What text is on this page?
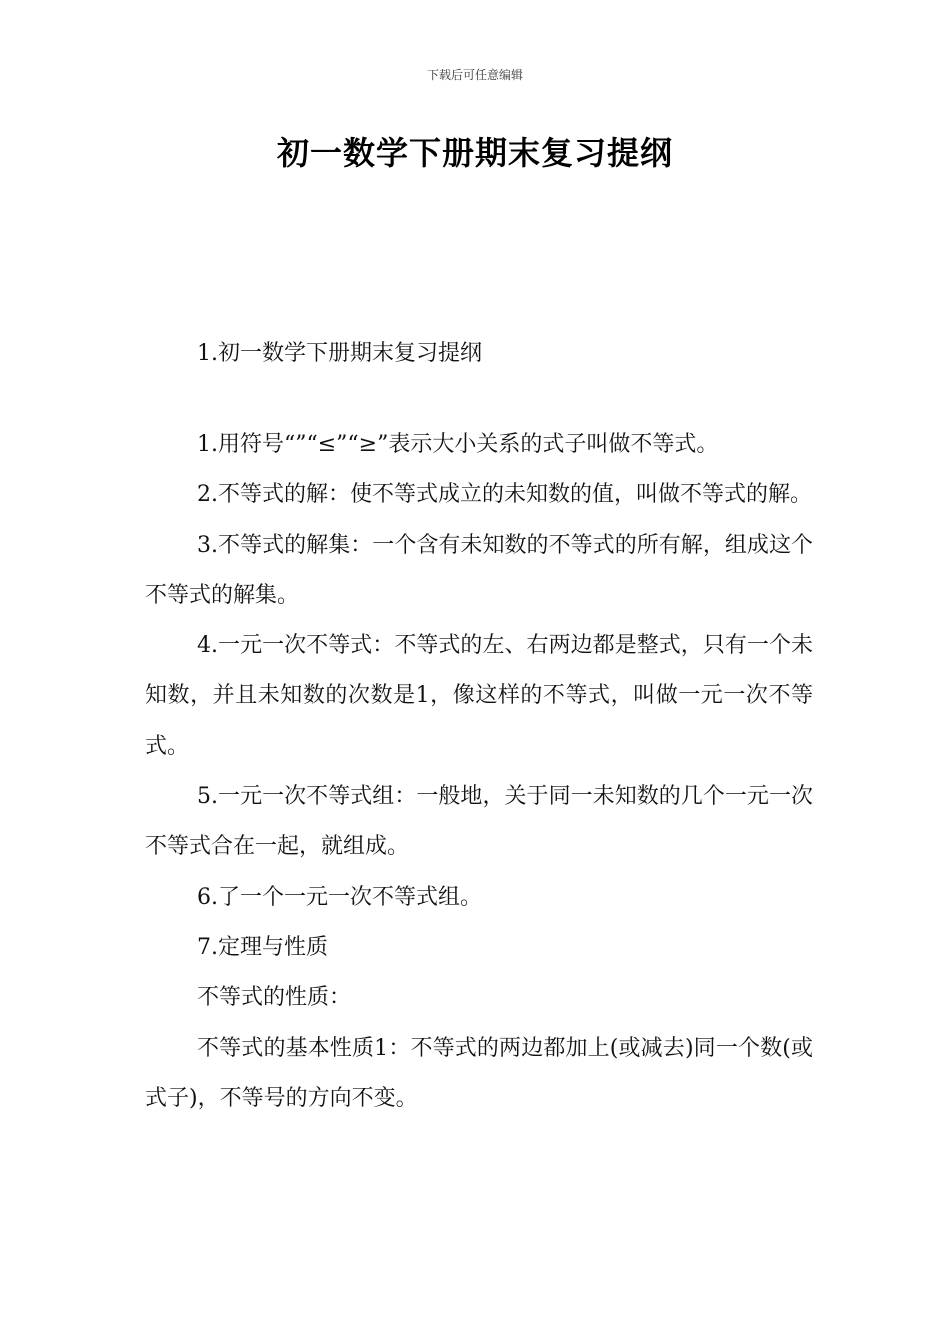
下载后可任意编辑
初一数学下册期末复习提纲
1.初一数学下册期末复习提纲

1.用符号“”“≤”“≥”表示大小关系的式子叫做不等式。

2.不等式的解：使不等式成立的未知数的值，叫做不等式的解。

3.不等式的解集：一个含有未知数的不等式的所有解，组成这个不等式的解集。

4.一元一次不等式：不等式的左、右两边都是整式，只有一个未知数，并且未知数的次数是1，像这样的不等式，叫做一元一次不等式。

5.一元一次不等式组：一般地，关于同一未知数的几个一元一次不等式合在一起，就组成。

6.了一个一元一次不等式组。

7.定理与性质

不等式的性质：

不等式的基本性质1：不等式的两边都加上(或减去)同一个数(或式子)，不等号的方向不变。
